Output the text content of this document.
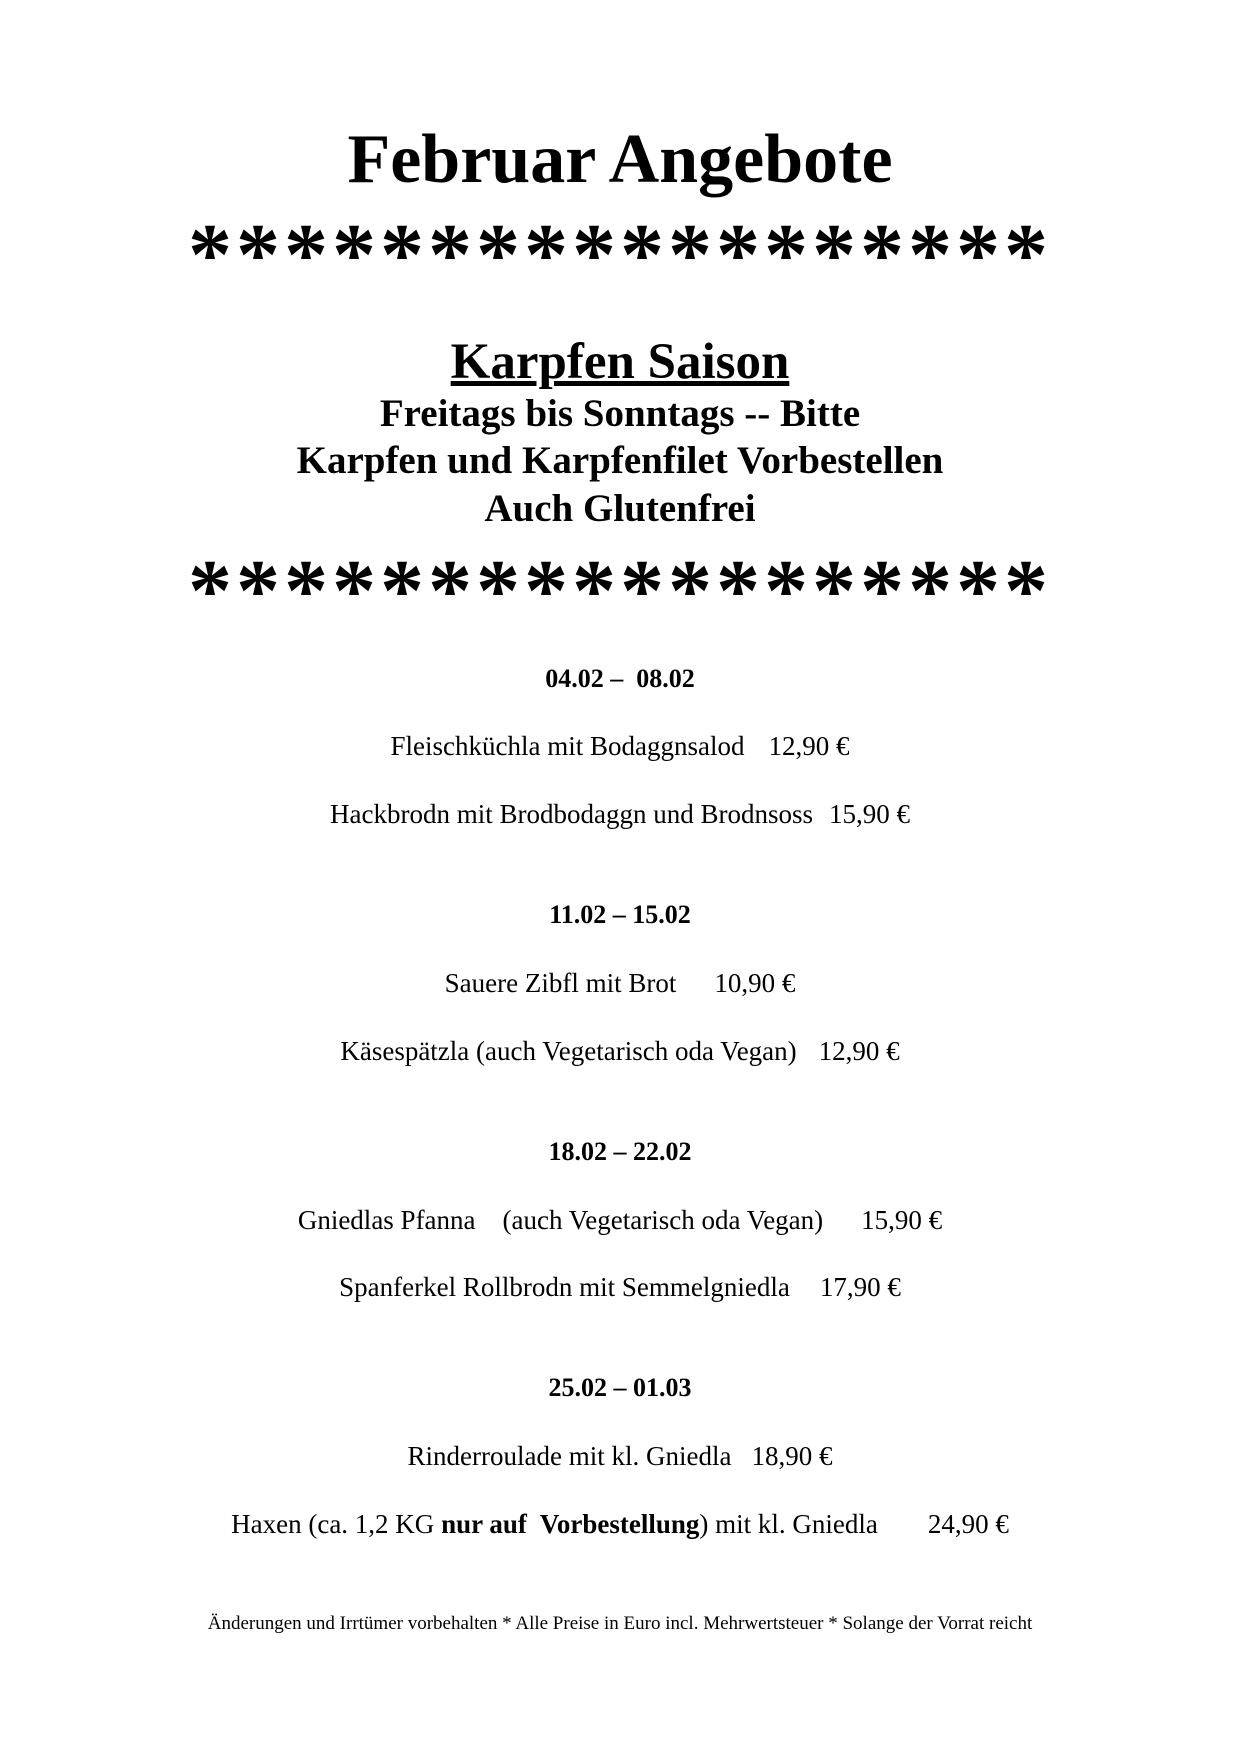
Februar Angebote
******************
Karpfen Saison
Freitags bis Sonntags -- Bitte
Karpfen und Karpfenfilet Vorbestellen
Auch Glutenfrei
******************
04.02 –  08.02
Fleischküchla mit Bodaggnsalod 12,90 €
Hackbrodn mit Brodbodaggn und Brodnsoss 15,90 €
11.02 – 15.02
Sauere Zibfl mit Brot 10,90 €
Käsespätzla (auch Vegetarisch oda Vegan) 12,90 €
18.02 – 22.02
Gniedlas Pfanna    (auch Vegetarisch oda Vegan) 15,90 €
Spanferkel Rollbrodn mit Semmelgniedla 17,90 €
25.02 – 01.03
Rinderroulade mit kl. Gniedla 18,90 €
Haxen (ca. 1,2 KG nur auf  Vorbestellung) mit kl. Gniedla 24,90 €
Änderungen und Irrtümer vorbehalten * Alle Preise in Euro incl. Mehrwertsteuer * Solange der Vorrat reicht
